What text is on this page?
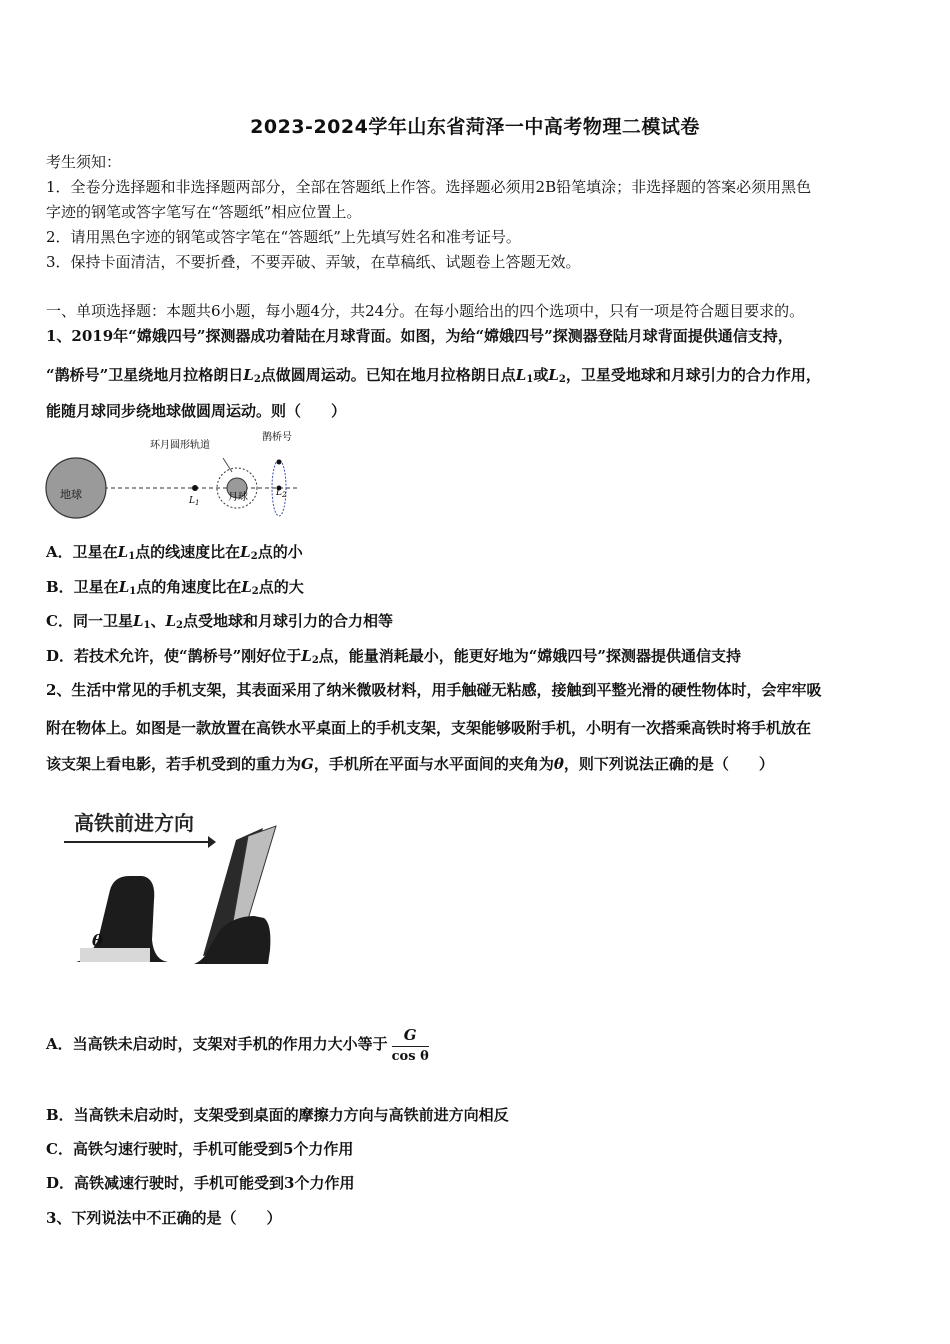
2023-2024学年山东省菏泽一中高考物理二模试卷
考生须知：
1．全卷分选择题和非选择题两部分，全部在答题纸上作答。选择题必须用2B铅笔填涂；非选择题的答案必须用黑色
字迹的钢笔或答字笔写在“答题纸”相应位置上。
2．请用黑色字迹的钢笔或答字笔在“答题纸”上先填写姓名和准考证号。
3．保持卡面清洁，不要折叠，不要弄破、弄皱，在草稿纸、试题卷上答题无效。
一、单项选择题：本题共6小题，每小题4分，共24分。在每小题给出的四个选项中，只有一项是符合题目要求的。
1、2019年“嫦娥四号”探测器成功着陆在月球背面。如图，为给“嫦娥四号”探测器登陆月球背面提供通信支持，
“鹊桥号”卫星绕地月拉格朗日$L_2$点做圆周运动。已知在地月拉格朗日点$L_1$或$L_2$，卫星受地球和月球引力的合力作用，
能随月球同步绕地球做圆周运动。则（　　）
地球	$L_1$	月球
环月圆形轨道
$L_2$
鹊桥号
A．卫星在$L_1$点的线速度比在$L_2$点的小
B．卫星在$L_1$点的角速度比在$L_2$点的大
C．同一卫星$L_1$、$L_2$点受地球和月球引力的合力相等
D．若技术允许，使“鹊桥号”刚好位于$L_2$点，能量消耗最小，能更好地为“嫦娥四号”探测器提供通信支持
2、生活中常见的手机支架，其表面采用了纳米微吸材料，用手触碰无粘感，接触到平整光滑的硬性物体时，会牢牢吸
附在物体上。如图是一款放置在高铁水平桌面上的手机支架，支架能够吸附手机，小明有一次搭乘高铁时将手机放在
该支架上看电影，若手机受到的重力为G，手机所在平面与水平面间的夹角为θ，则下列说法正确的是（　　）
高铁前进方向
θ
A．当高铁未启动时，支架对手机的作用力大小等于 $\frac{G}{\text{cos θ}}$
B．当高铁未启动时，支架受到桌面的摩擦力方向与高铁前进方向相反
C．高铁匀速行驶时，手机可能受到5个力作用
D．高铁减速行驶时，手机可能受到3个力作用
3、下列说法中不正确的是（　　）
